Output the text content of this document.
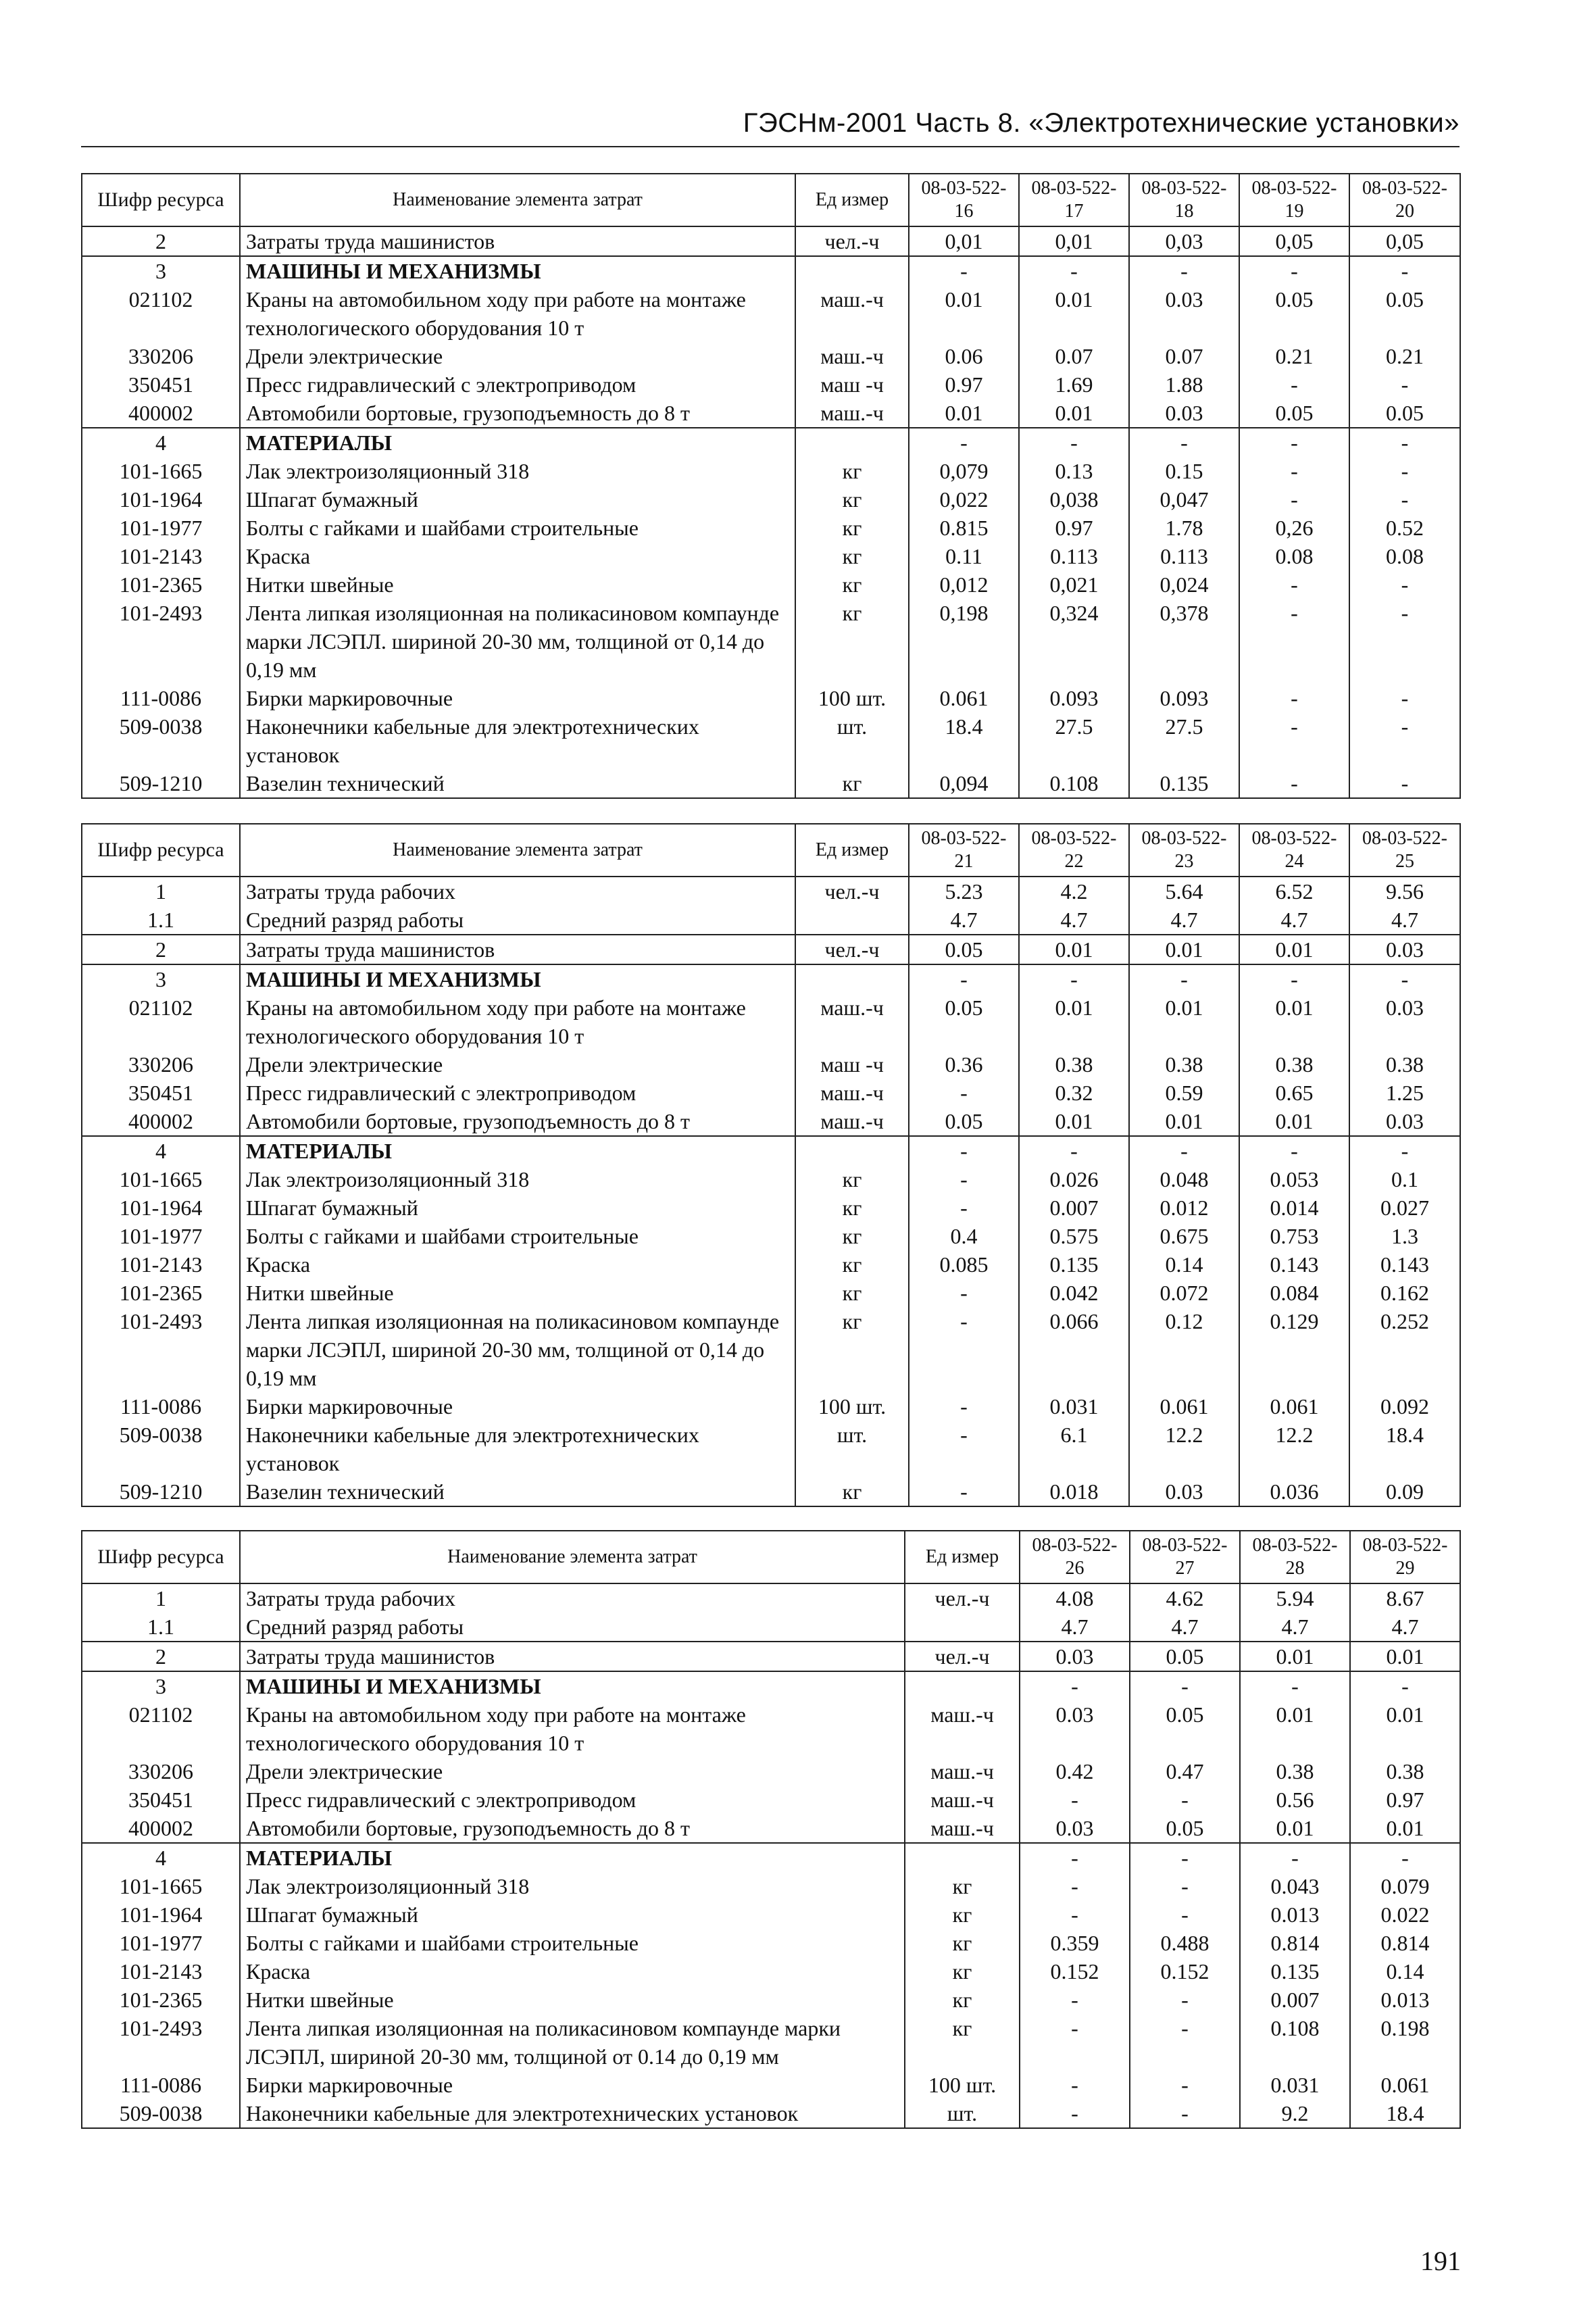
ГЭСНм-2001 Часть 8. «Электротехнические установки»
Шифр ресурса	Наименование элемента затрат	Ед измер	08-03-522-16	08-03-522-17	08-03-522-18	08-03-522-19	08-03-522-20
2	Затраты труда машинистов	чел.-ч	0,01	0,01	0,03	0,05	0,05
3	МАШИНЫ И МЕХАНИЗМЫ		-	-	-	-	-
021102	Краны на автомобильном ходу при работе на монтаже технологического оборудования 10 т	маш.-ч	0.01	0.01	0.03	0.05	0.05
330206	Дрели электрические	маш.-ч	0.06	0.07	0.07	0.21	0.21
350451	Пресс гидравлический с электроприводом	маш -ч	0.97	1.69	1.88	-	-
400002	Автомобили бортовые, грузоподъемность до 8 т	маш.-ч	0.01	0.01	0.03	0.05	0.05
4	МАТЕРИАЛЫ		-	-	-	-	-
101-1665	Лак электроизоляционный 318	кг	0,079	0.13	0.15	-	-
101-1964	Шпагат бумажный	кг	0,022	0,038	0,047	-	-
101-1977	Болты с гайками и шайбами строительные	кг	0.815	0.97	1.78	0,26	0.52
101-2143	Краска	кг	0.11	0.113	0.113	0.08	0.08
101-2365	Нитки швейные	кг	0,012	0,021	0,024	-	-
101-2493	Лента липкая изоляционная на поликасиновом компаунде марки ЛСЭПЛ. шириной 20-30 мм, толщиной от 0,14 до 0,19 мм	кг	0,198	0,324	0,378	-	-
111-0086	Бирки маркировочные	100 шт.	0.061	0.093	0.093	-	-
509-0038	Наконечники кабельные для электротехнических установок	шт.	18.4	27.5	27.5	-	-
509-1210	Вазелин технический	кг	0,094	0.108	0.135	-	-
Шифр ресурса	Наименование элемента затрат	Ед измер	08-03-522-21	08-03-522-22	08-03-522-23	08-03-522-24	08-03-522-25
1	Затраты труда рабочих	чел.-ч	5.23	4.2	5.64	6.52	9.56
1.1	Средний разряд работы		4.7	4.7	4.7	4.7	4.7
2	Затраты труда машинистов	чел.-ч	0.05	0.01	0.01	0.01	0.03
3	МАШИНЫ И МЕХАНИЗМЫ		-	-	-	-	-
021102	Краны на автомобильном ходу при работе на монтаже технологического оборудования 10 т	маш.-ч	0.05	0.01	0.01	0.01	0.03
330206	Дрели электрические	маш -ч	0.36	0.38	0.38	0.38	0.38
350451	Пресс гидравлический с электроприводом	маш.-ч	-	0.32	0.59	0.65	1.25
400002	Автомобили бортовые, грузоподъемность до 8 т	маш.-ч	0.05	0.01	0.01	0.01	0.03
4	МАТЕРИАЛЫ		-	-	-	-	-
101-1665	Лак электроизоляционный 318	кг	-	0.026	0.048	0.053	0.1
101-1964	Шпагат бумажный	кг	-	0.007	0.012	0.014	0.027
101-1977	Болты с гайками и шайбами строительные	кг	0.4	0.575	0.675	0.753	1.3
101-2143	Краска	кг	0.085	0.135	0.14	0.143	0.143
101-2365	Нитки швейные	кг	-	0.042	0.072	0.084	0.162
101-2493	Лента липкая изоляционная на поликасиновом компаунде марки ЛСЭПЛ, шириной 20-30 мм, толщиной от 0,14 до 0,19 мм	кг	-	0.066	0.12	0.129	0.252
111-0086	Бирки маркировочные	100 шт.	-	0.031	0.061	0.061	0.092
509-0038	Наконечники кабельные для электротехнических установок	шт.	-	6.1	12.2	12.2	18.4
509-1210	Вазелин технический	кг	-	0.018	0.03	0.036	0.09
Шифр ресурса	Наименование элемента затрат	Ед измер	08-03-522-26	08-03-522-27	08-03-522-28	08-03-522-29
1	Затраты труда рабочих	чел.-ч	4.08	4.62	5.94	8.67
1.1	Средний разряд работы		4.7	4.7	4.7	4.7
2	Затраты труда машинистов	чел.-ч	0.03	0.05	0.01	0.01
3	МАШИНЫ И МЕХАНИЗМЫ		-	-	-	-
021102	Краны на автомобильном ходу при работе на монтаже технологического оборудования 10 т	маш.-ч	0.03	0.05	0.01	0.01
330206	Дрели электрические	маш.-ч	0.42	0.47	0.38	0.38
350451	Пресс гидравлический с электроприводом	маш.-ч	-	-	0.56	0.97
400002	Автомобили бортовые, грузоподъемность до 8 т	маш.-ч	0.03	0.05	0.01	0.01
4	МАТЕРИАЛЫ		-	-	-	-
101-1665	Лак электроизоляционный 318	кг	-	-	0.043	0.079
101-1964	Шпагат бумажный	кг	-	-	0.013	0.022
101-1977	Болты с гайками и шайбами строительные	кг	0.359	0.488	0.814	0.814
101-2143	Краска	кг	0.152	0.152	0.135	0.14
101-2365	Нитки швейные	кг	-	-	0.007	0.013
101-2493	Лента липкая изоляционная на поликасиновом компаунде марки ЛСЭПЛ, шириной 20-30 мм, толщиной от 0.14 до 0,19 мм	кг	-	-	0.108	0.198
111-0086	Бирки маркировочные	100 шт.	-	-	0.031	0.061
509-0038	Наконечники кабельные для электротехнических установок	шт.	-	-	9.2	18.4
191
